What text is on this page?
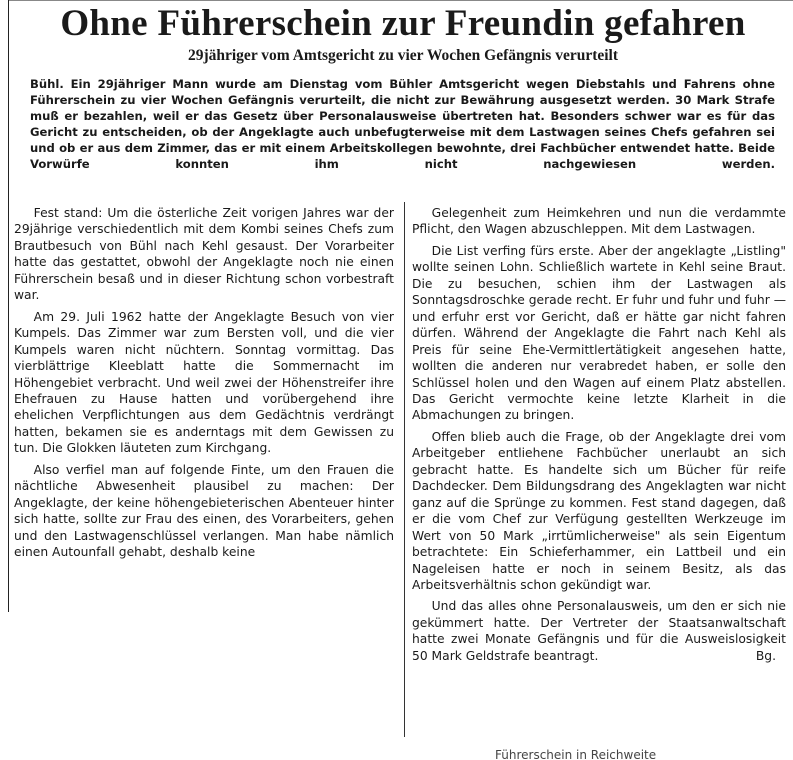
Ohne Führerschein zur Freundin gefahren
29jähriger vom Amtsgericht zu vier Wochen Gefängnis verurteilt

Bühl. Ein 29jähriger Mann wurde am Dienstag vom Bühler Amtsgericht wegen Diebstahls und Fahrens ohne Führerschein zu vier Wochen Gefängnis verurteilt, die nicht zur Bewährung ausgesetzt werden. 30 Mark Strafe muß er bezahlen, weil er das Gesetz über Personalausweise übertreten hat. Besonders schwer war es für das Gericht zu entscheiden, ob der Angeklagte auch unbefugterweise mit dem Lastwagen seines Chefs gefahren sei und ob er aus dem Zimmer, das er mit einem Arbeitskollegen bewohnte, drei Fachbücher entwendet hatte. Beide Vorwürfe konnten ihm nicht nachgewiesen werden.

Fest stand: Um die österliche Zeit vorigen Jahres war der 29jährige verschiedentlich mit dem Kombi seines Chefs zum Brautbesuch von Bühl nach Kehl gesaust. Der Vorarbeiter hatte das gestattet, obwohl der Angeklagte noch nie einen Führerschein besaß und in dieser Richtung schon vorbestraft war.

Am 29. Juli 1962 hatte der Angeklagte Besuch von vier Kumpels. Das Zimmer war zum Bersten voll, und die vier Kumpels waren nicht nüchtern. Sonntag vormittag. Das vierblättrige Kleeblatt hatte die Sommernacht im Höhengebiet verbracht. Und weil zwei der Höhenstreifer ihre Ehefrauen zu Hause hatten und vorübergehend ihre ehelichen Verpflichtungen aus dem Gedächtnis verdrängt hatten, bekamen sie es anderntags mit dem Gewissen zu tun. Die Glokken läuteten zum Kirchgang.

Also verfiel man auf folgende Finte, um den Frauen die nächtliche Abwesenheit plausibel zu machen: Der Angeklagte, der keine höhengebieterischen Abenteuer hinter sich hatte, sollte zur Frau des einen, des Vorarbeiters, gehen und den Lastwagenschlüssel verlangen. Man habe nämlich einen Autounfall gehabt, deshalb keine

Gelegenheit zum Heimkehren und nun die verdammte Pflicht, den Wagen abzuschleppen. Mit dem Lastwagen.

Die List verfing fürs erste. Aber der angeklagte „Listling" wollte seinen Lohn. Schließlich wartete in Kehl seine Braut. Die zu besuchen, schien ihm der Lastwagen als Sonntagsdroschke gerade recht. Er fuhr und fuhr und fuhr — und erfuhr erst vor Gericht, daß er hätte gar nicht fahren dürfen. Während der Angeklagte die Fahrt nach Kehl als Preis für seine Ehe-Vermittlertätigkeit angesehen hatte, wollten die anderen nur verabredet haben, er solle den Schlüssel holen und den Wagen auf einem Platz abstellen. Das Gericht vermochte keine letzte Klarheit in die Abmachungen zu bringen.

Offen blieb auch die Frage, ob der Angeklagte drei vom Arbeitgeber entliehene Fachbücher unerlaubt an sich gebracht hatte. Es handelte sich um Bücher für reife Dachdecker. Dem Bildungsdrang des Angeklagten war nicht ganz auf die Sprünge zu kommen. Fest stand dagegen, daß er die vom Chef zur Verfügung gestellten Werkzeuge im Wert von 50 Mark „irrtümlicherweise" als sein Eigentum betrachtete: Ein Schieferhammer, ein Lattbeil und ein Nageleisen hatte er noch in seinem Besitz, als das Arbeitsverhältnis schon gekündigt war.

Und das alles ohne Personalausweis, um den er sich nie gekümmert hatte. Der Vertreter der Staatsanwaltschaft hatte zwei Monate Gefängnis und für die Ausweislosigkeit 50 Mark Geldstrafe beantragt.	Bg.

Führerschein in Reichweite
